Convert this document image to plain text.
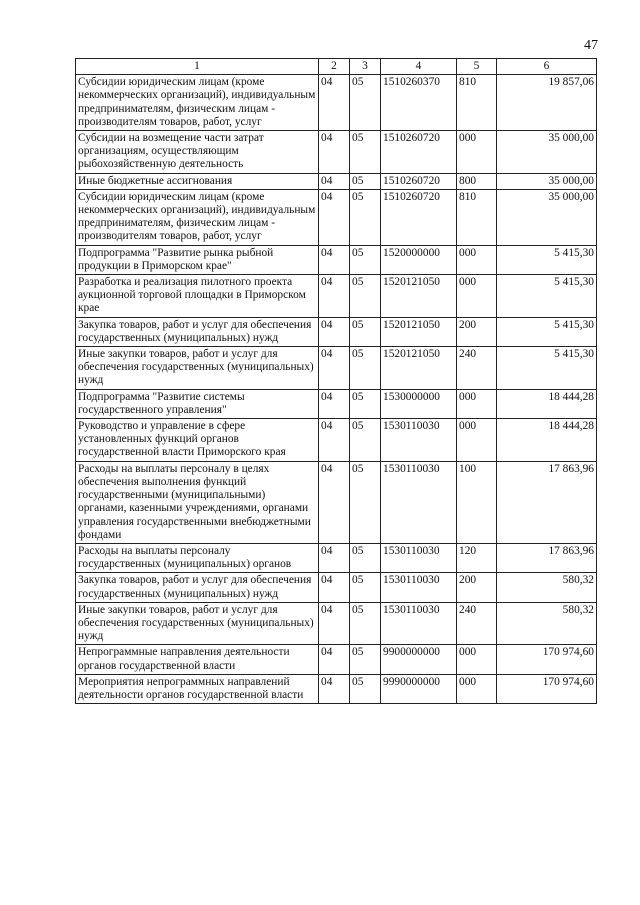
47
1	2	3	4	5	6
Субсидии юридическим лицам (кроме некоммерческих организаций), индивидуальным предпринимателям, физическим лицам - производителям товаров, работ, услуг	04	05	1510260370	810	19 857,06
Субсидии на возмещение части затрат организациям, осуществляющим рыбохозяйственную деятельность	04	05	1510260720	000	35 000,00
Иные бюджетные ассигнования	04	05	1510260720	800	35 000,00
Субсидии юридическим лицам (кроме некоммерческих организаций), индивидуальным предпринимателям, физическим лицам - производителям товаров, работ, услуг	04	05	1510260720	810	35 000,00
Подпрограмма "Развитие рынка рыбной продукции в Приморском крае"	04	05	1520000000	000	5 415,30
Разработка и реализация пилотного проекта аукционной торговой площадки в Приморском крае	04	05	1520121050	000	5 415,30
Закупка товаров, работ и услуг для обеспечения государственных (муниципальных) нужд	04	05	1520121050	200	5 415,30
Иные закупки товаров, работ и услуг для обеспечения государственных (муниципальных) нужд	04	05	1520121050	240	5 415,30
Подпрограмма "Развитие системы государственного управления"	04	05	1530000000	000	18 444,28
Руководство и управление в сфере установленных функций органов государственной власти Приморского края	04	05	1530110030	000	18 444,28
Расходы на выплаты персоналу в целях обеспечения выполнения функций государственными (муниципальными) органами, казенными учреждениями, органами управления государственными внебюджетными фондами	04	05	1530110030	100	17 863,96
Расходы на выплаты персоналу государственных (муниципальных) органов	04	05	1530110030	120	17 863,96
Закупка товаров, работ и услуг для обеспечения государственных (муниципальных) нужд	04	05	1530110030	200	580,32
Иные закупки товаров, работ и услуг для обеспечения государственных (муниципальных) нужд	04	05	1530110030	240	580,32
Непрограммные направления деятельности органов государственной власти	04	05	9900000000	000	170 974,60
Мероприятия непрограммных направлений деятельности органов государственной власти	04	05	9990000000	000	170 974,60
